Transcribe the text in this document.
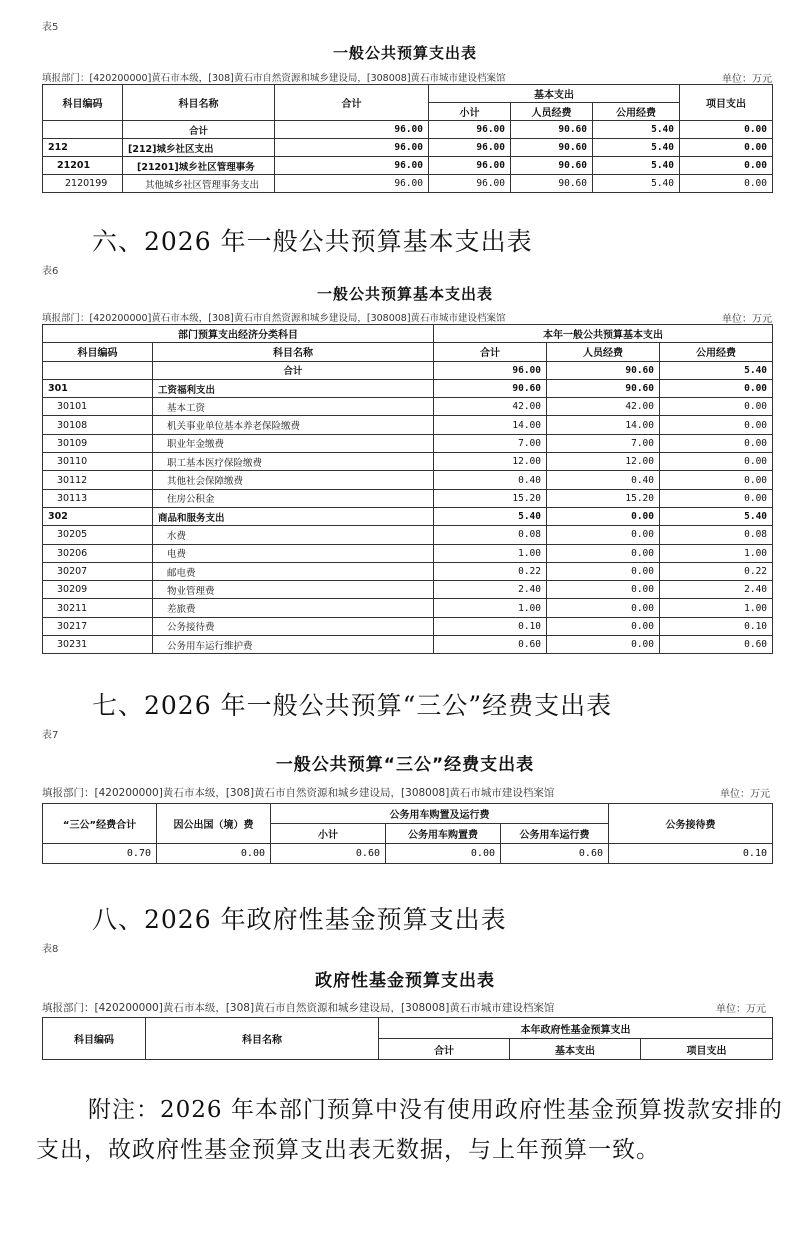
表5
一般公共预算支出表
填报部门：[420200000]黄石市本级，[308]黄石市自然资源和城乡建设局，[308008]黄石市城市建设档案馆	单位：万元
科目编码	科目名称	合计	基本支出			项目支出
			小计	人员经费	公用经费	
	合计	96.00	96.00	90.60	5.40	0.00
212	[212]城乡社区支出	96.00	96.00	90.60	5.40	0.00
21201	[21201]城乡社区管理事务	96.00	96.00	90.60	5.40	0.00
2120199	其他城乡社区管理事务支出	96.00	96.00	90.60	5.40	0.00
六、2026 年一般公共预算基本支出表
表6
一般公共预算基本支出表
填报部门：[420200000]黄石市本级，[308]黄石市自然资源和城乡建设局，[308008]黄石市城市建设档案馆	单位：万元
部门预算支出经济分类科目		本年一般公共预算基本支出		
科目编码	科目名称	合计	人员经费	公用经费
	合计	96.00	90.60	5.40
301	工资福利支出	90.60	90.60	0.00
30101	基本工资	42.00	42.00	0.00
30108	机关事业单位基本养老保险缴费	14.00	14.00	0.00
30109	职业年金缴费	7.00	7.00	0.00
30110	职工基本医疗保险缴费	12.00	12.00	0.00
30112	其他社会保障缴费	0.40	0.40	0.00
30113	住房公积金	15.20	15.20	0.00
302	商品和服务支出	5.40	0.00	5.40
30205	水费	0.08	0.00	0.08
30206	电费	1.00	0.00	1.00
30207	邮电费	0.22	0.00	0.22
30209	物业管理费	2.40	0.00	2.40
30211	差旅费	1.00	0.00	1.00
30217	公务接待费	0.10	0.00	0.10
30231	公务用车运行维护费	0.60	0.00	0.60
七、2026 年一般公共预算“三公”经费支出表
表7
一般公共预算“三公”经费支出表
填报部门：[420200000]黄石市本级，[308]黄石市自然资源和城乡建设局，[308008]黄石市城市建设档案馆	单位：万元
“三公”经费合计	因公出国（境）费	公务用车购置及运行费			公务接待费
		小计	公务用车购置费	公务用车运行费	
0.70	0.00	0.60	0.00	0.60	0.10
八、2026 年政府性基金预算支出表
表8
政府性基金预算支出表
填报部门：[420200000]黄石市本级，[308]黄石市自然资源和城乡建设局，[308008]黄石市城市建设档案馆	单位：万元
科目编码	科目名称	本年政府性基金预算支出		
		合计	基本支出	项目支出
附注：2026 年本部门预算中没有使用政府性基金预算拨款安排的支出，故政府性基金预算支出表无数据，与上年预算一致。
